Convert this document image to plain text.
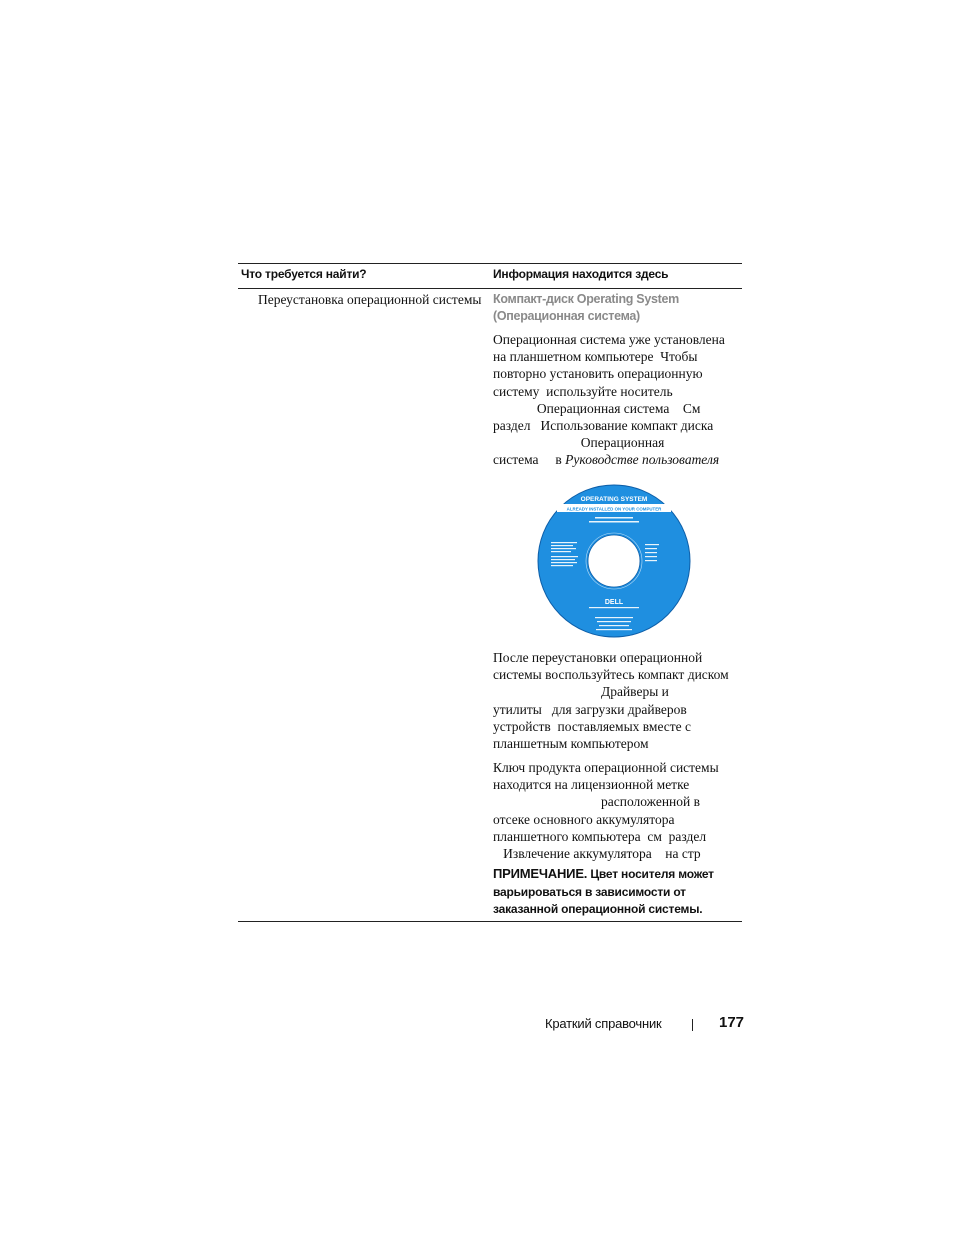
Что требуется найти?	Информация находится здесь
Переустановка операционной системы Компакт-диск Operating System
(Операционная система)
Операционная система уже установлена
на планшетном компьютере  Чтобы
повторно установить операционную
систему  используйте носитель
Операционная система    См
раздел   Использование компакт диска
Операционная
система     в Руководстве пользователя
OPERATING SYSTEM
ALREADY INSTALLED ON YOUR COMPUTER
DELL
После переустановки операционной
системы воспользуйтесь компакт диском
Драйверы и
утилиты   для загрузки драйверов
устройств  поставляемых вместе с
планшетным компьютером
Ключ продукта операционной системы
находится на лицензионной метке
расположенной в
отсеке основного аккумулятора
планшетного компьютера  см  раздел
Извлечение аккумулятора    на стр
ПРИМЕЧАНИЕ. Цвет носителя может
варьироваться в зависимости от
заказанной операционной системы.
Краткий справочник	177
